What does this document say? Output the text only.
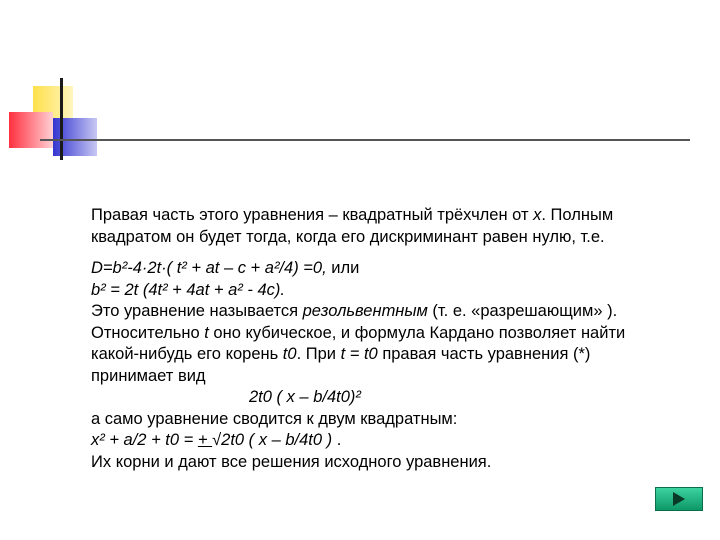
Правая часть этого уравнения – квадратный трёхчлен от x. Полным

квадратом он будет тогда, когда его дискриминант равен нулю, т.е.

D=b²-4·2t·( t² + at – c + a²/4) =0, или

b² = 2t (4t² + 4at + a² - 4c).

Это уравнение называется резольвентным (т. е. «разрешающим» ).

Относительно t оно кубическое, и формула Кардано позволяет найти

какой-нибудь его корень t0. При t = t0 правая часть уравнения (*)

принимает вид

2t0 ( x – b/4t0)²

а само уравнение сводится к двум квадратным:

x² + a/2 + t0 = + √2t0 ( x – b/4t0 ) .

Их корни и дают все решения исходного уравнения.
